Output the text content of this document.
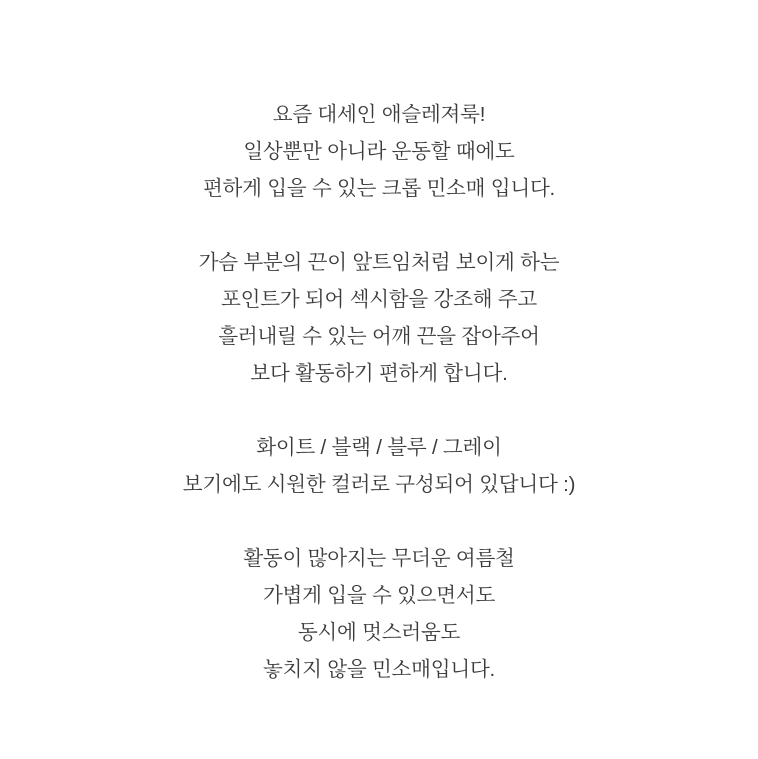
요즘 대세인 애슬레져룩!
일상뿐만 아니라 운동할 때에도
편하게 입을 수 있는 크롭 민소매 입니다.
가슴 부분의 끈이 앞트임처럼 보이게 하는
포인트가 되어 섹시함을 강조해 주고
흘러내릴 수 있는 어깨 끈을 잡아주어
보다 활동하기 편하게 합니다.
화이트 / 블랙 / 블루 / 그레이
보기에도 시원한 컬러로 구성되어 있답니다 :)
활동이 많아지는 무더운 여름철
가볍게 입을 수 있으면서도
동시에 멋스러움도
놓치지 않을 민소매입니다.
